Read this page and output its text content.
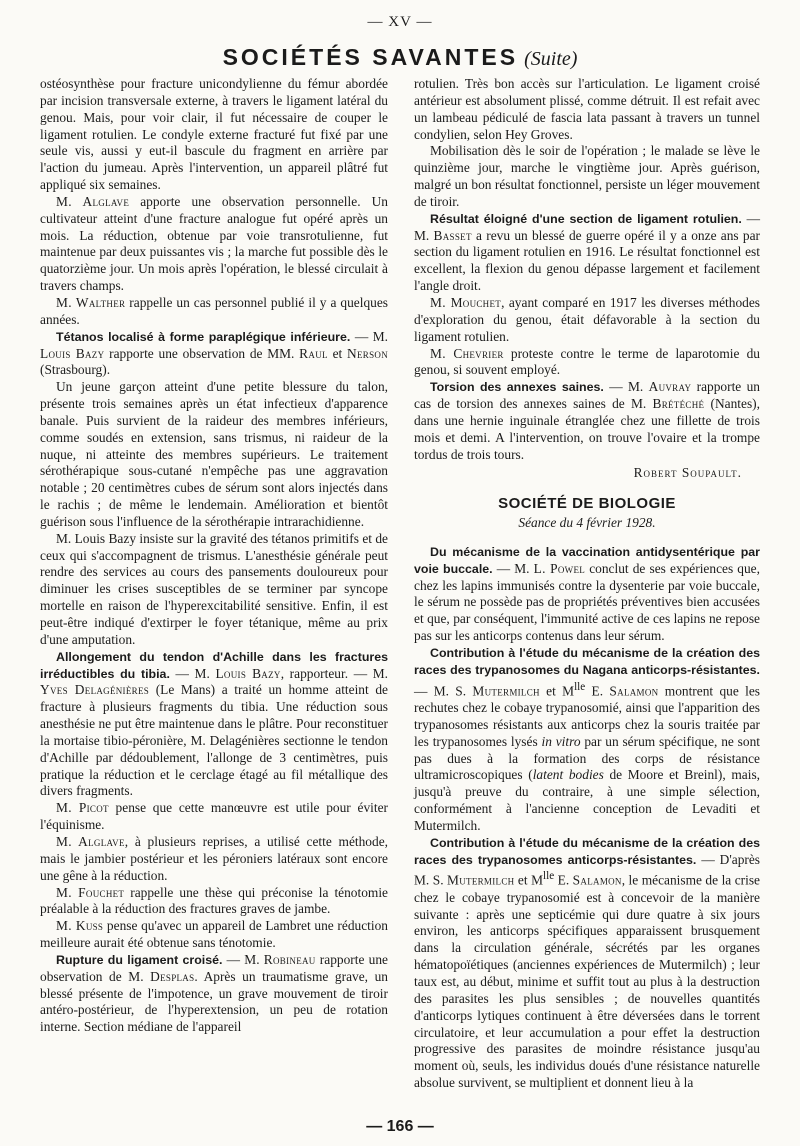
— XV —
SOCIÉTÉS SAVANTES (Suite)

ostéosynthèse pour fracture unicondylienne du fémur abordée par incision transversale externe, à travers le ligament latéral du genou. Mais, pour voir clair, il fut nécessaire de couper le ligament rotulien. Le condyle externe fracturé fut fixé par une seule vis, aussi y eut-il bascule du fragment en arrière par l'action du jumeau. Après l'intervention, un appareil plâtré fut appliqué six semaines.

M. Alglave apporte une observation personnelle. Un cultivateur atteint d'une fracture analogue fut opéré après un mois. La réduction, obtenue par voie transrotulienne, fut maintenue par deux puissantes vis ; la marche fut possible dès le quatorzième jour. Un mois après l'opération, le blessé circulait à travers champs.

M. Walther rappelle un cas personnel publié il y a quelques années.

Tétanos localisé à forme paraplégique inférieure. — M. Louis Bazy rapporte une observation de MM. Raul et Nerson (Strasbourg).

Un jeune garçon atteint d'une petite blessure du talon, présente trois semaines après un état infectieux d'apparence banale. Puis survient de la raideur des membres inférieurs, comme soudés en extension, sans trismus, ni raideur de la nuque, ni atteinte des membres supérieurs. Le traitement sérothérapique sous-cutané n'empêche pas une aggravation notable ; 20 centimètres cubes de sérum sont alors injectés dans le rachis ; de même le lendemain. Amélioration et bientôt guérison sous l'influence de la sérothérapie intrarachidienne.

M. Louis Bazy insiste sur la gravité des tétanos primitifs et de ceux qui s'accompagnent de trismus. L'anesthésie générale peut rendre des services au cours des pansements douloureux pour diminuer les crises susceptibles de se terminer par syncope mortelle en raison de l'hyperexcitabilité sensitive. Enfin, il est peut-être indiqué d'extirper le foyer tétanique, même au prix d'une amputation.

Allongement du tendon d'Achille dans les fractures irréductibles du tibia. — M. Louis Bazy, rapporteur. — M. Yves Delagénières (Le Mans) a traité un homme atteint de fracture à plusieurs fragments du tibia. Une réduction sous anesthésie ne put être maintenue dans le plâtre. Pour reconstituer la mortaise tibio-péronière, M. Delagénières sectionne le tendon d'Achille par dédoublement, l'allonge de 3 centimètres, puis pratique la réduction et le cerclage étagé au fil métallique des divers fragments.

M. Picot pense que cette manœuvre est utile pour éviter l'équinisme.

M. Alglave, à plusieurs reprises, a utilisé cette méthode, mais le jambier postérieur et les péroniers latéraux sont encore une gêne à la réduction.

M. Fouchet rappelle une thèse qui préconise la ténotomie préalable à la réduction des fractures graves de jambe.

M. Kuss pense qu'avec un appareil de Lambret une réduction meilleure aurait été obtenue sans ténotomie.

Rupture du ligament croisé. — M. Robineau rapporte une observation de M. Desplas. Après un traumatisme grave, un blessé présente de l'impotence, un grave mouvement de tiroir antéro-postérieur, de l'hyperextension, un peu de rotation interne. Section médiane de l'appareil

rotulien. Très bon accès sur l'articulation. Le ligament croisé antérieur est absolument plissé, comme détruit. Il est refait avec un lambeau pédiculé de fascia lata passant à travers un tunnel condylien, selon Hey Groves.

Mobilisation dès le soir de l'opération ; le malade se lève le quinzième jour, marche le vingtième jour. Après guérison, malgré un bon résultat fonctionnel, persiste un léger mouvement de tiroir.

Résultat éloigné d'une section de ligament rotulien. — M. Basset a revu un blessé de guerre opéré il y a onze ans par section du ligament rotulien en 1916. Le résultat fonctionnel est excellent, la flexion du genou dépasse largement et facilement l'angle droit.

M. Mouchet, ayant comparé en 1917 les diverses méthodes d'exploration du genou, était défavorable à la section du ligament rotulien.

M. Chevrier proteste contre le terme de laparotomie du genou, si souvent employé.

Torsion des annexes saines. — M. Auvray rapporte un cas de torsion des annexes saines de M. Brétéché (Nantes), dans une hernie inguinale étranglée chez une fillette de trois mois et demi. A l'intervention, on trouve l'ovaire et la trompe tordus de trois tours.

Robert Soupault.
SOCIÉTÉ DE BIOLOGIE
Séance du 4 février 1928.

Du mécanisme de la vaccination antidysentérique par voie buccale. — M. L. Powel conclut de ses expériences que, chez les lapins immunisés contre la dysenterie par voie buccale, le sérum ne possède pas de propriétés préventives bien accusées et que, par conséquent, l'immunité active de ces lapins ne repose pas sur les anticorps contenus dans leur sérum.

Contribution à l'étude du mécanisme de la création des races des trypanosomes du Nagana anticorps-résistantes. — M. S. Mutermilch et $M^{lle}$ E. Salamon montrent que les rechutes chez le cobaye trypanosomié, ainsi que l'apparition des trypanosomes résistants aux anticorps chez la souris traitée par les trypanosomes lysés in vitro par un sérum spécifique, ne sont pas dues à la formation des corps de résistance ultramicroscopiques (latent bodies de Moore et Breinl), mais, jusqu'à preuve du contraire, à une simple sélection, conformément à l'ancienne conception de Levaditi et Mutermilch.

Contribution à l'étude du mécanisme de la création des races des trypanosomes anticorps-résistantes. — D'après M. S. Mutermilch et $M^{lle}$ E. Salamon, le mécanisme de la crise chez le cobaye trypanosomié est à concevoir de la manière suivante : après une septicémie qui dure quatre à six jours environ, les anticorps spécifiques apparaissent brusquement dans la circulation générale, sécrétés par les organes hématopoïétiques (anciennes expériences de Mutermilch) ; leur taux est, au début, minime et suffit tout au plus à la destruction des parasites les plus sensibles ; de nouvelles quantités d'anticorps lytiques continuent à être déversées dans le torrent circulatoire, et leur accumulation a pour effet la destruction progressive des parasites de moindre résistance jusqu'au moment où, seuls, les individus doués d'une résistance naturelle absolue survivent, se multiplient et donnent lieu à la

— 166 —
